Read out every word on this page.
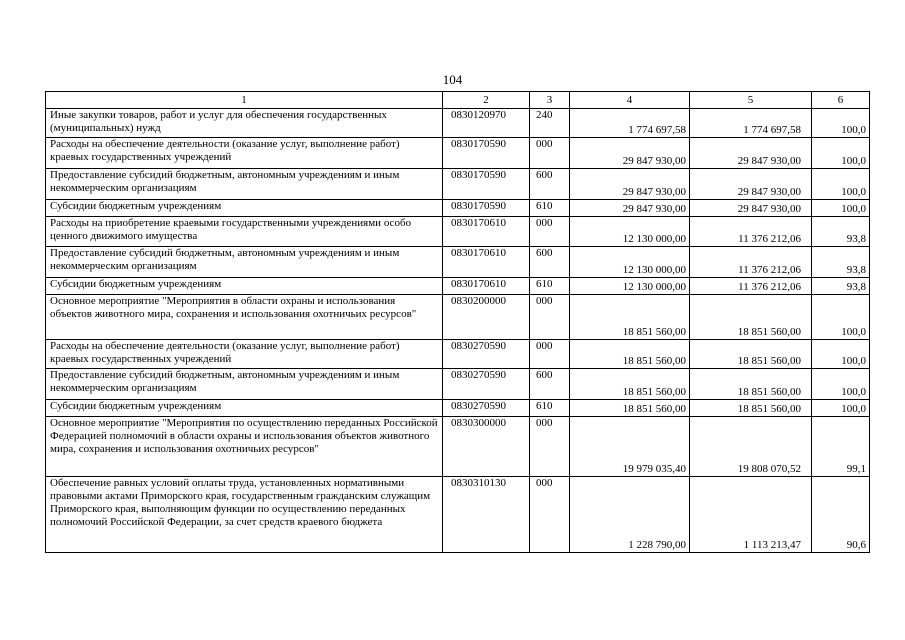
104
1	2	3	4	5	6
Иные закупки товаров, работ и услуг для обеспечения государственных (муниципальных) нужд	0830120970	240	1 774 697,58	1 774 697,58	100,0
Расходы на обеспечение деятельности (оказание услуг, выполнение работ) краевых государственных учреждений	0830170590	000	29 847 930,00	29 847 930,00	100,0
Предоставление субсидий бюджетным, автономным учреждениям и иным некоммерческим организациям	0830170590	600	29 847 930,00	29 847 930,00	100,0
Субсидии бюджетным учреждениям	0830170590	610	29 847 930,00	29 847 930,00	100,0
Расходы на приобретение краевыми государственными учреждениями особо ценного движимого имущества	0830170610	000	12 130 000,00	11 376 212,06	93,8
Предоставление субсидий бюджетным, автономным учреждениям и иным некоммерческим организациям	0830170610	600	12 130 000,00	11 376 212,06	93,8
Субсидии бюджетным учреждениям	0830170610	610	12 130 000,00	11 376 212,06	93,8
Основное мероприятие "Мероприятия в области охраны и использования объектов животного мира, сохранения и использования охотничьих ресурсов"	0830200000	000	18 851 560,00	18 851 560,00	100,0
Расходы на обеспечение деятельности (оказание услуг, выполнение работ) краевых государственных учреждений	0830270590	000	18 851 560,00	18 851 560,00	100,0
Предоставление субсидий бюджетным, автономным учреждениям и иным некоммерческим организациям	0830270590	600	18 851 560,00	18 851 560,00	100,0
Субсидии бюджетным учреждениям	0830270590	610	18 851 560,00	18 851 560,00	100,0
Основное мероприятие "Мероприятия по осуществлению переданных Российской Федерацией полномочий в области охраны и использования объектов животного мира, сохранения и использования охотничьих ресурсов"	0830300000	000	19 979 035,40	19 808 070,52	99,1
Обеспечение равных условий оплаты труда, установленных нормативными правовыми актами Приморского края, государственным гражданским служащим Приморского края, выполняющим функции по осуществлению переданных полномочий Российской Федерации, за счет средств краевого бюджета	0830310130	000	1 228 790,00	1 113 213,47	90,6
